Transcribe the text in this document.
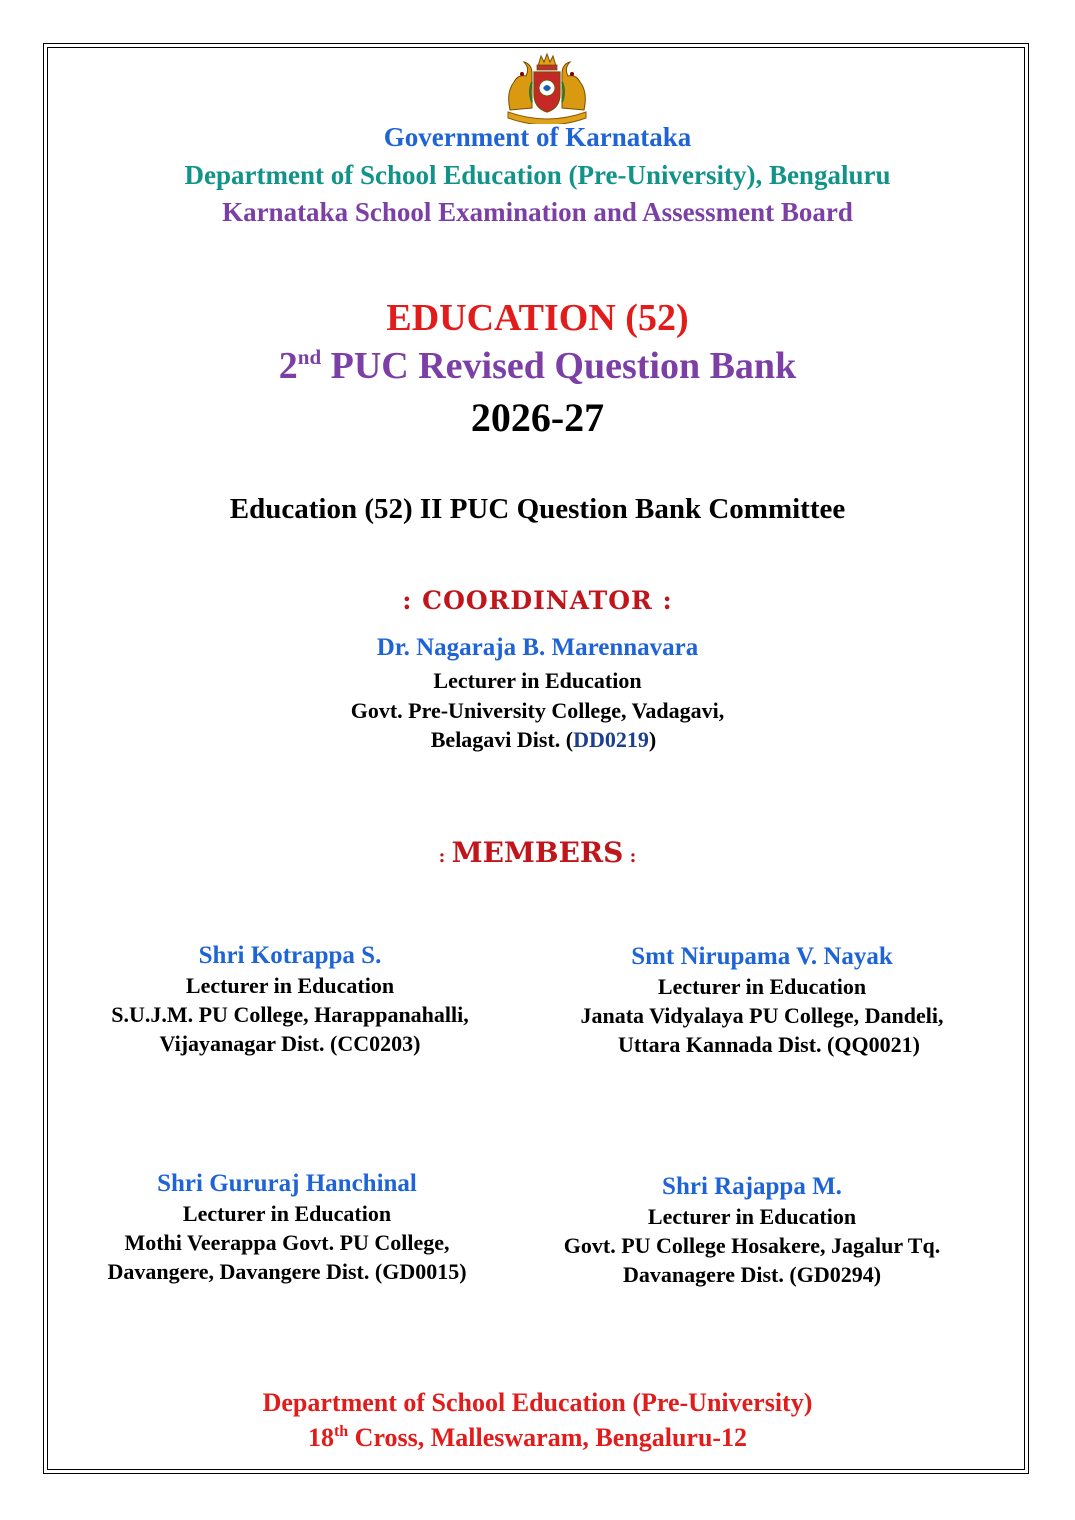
Government of Karnataka
Department of School Education (Pre-University), Bengaluru
Karnataka School Examination and Assessment Board
EDUCATION (52)
2nd PUC Revised Question Bank
2026-27
Education (52) II PUC Question Bank Committee
: COORDINATOR :
Dr. Nagaraja B. Marennavara
Lecturer in Education
Govt. Pre-University College, Vadagavi,
Belagavi Dist. (DD0219)
: MEMBERS :
Shri Kotrappa S.
Lecturer in Education
S.U.J.M. PU College, Harappanahalli,
Vijayanagar Dist. (CC0203)
Smt Nirupama V. Nayak
Lecturer in Education
Janata Vidyalaya PU College, Dandeli,
Uttara Kannada Dist. (QQ0021)
Shri Gururaj Hanchinal
Lecturer in Education
Mothi Veerappa Govt. PU College,
Davangere, Davangere Dist. (GD0015)
Shri Rajappa M.
Lecturer in Education
Govt. PU College Hosakere, Jagalur Tq.
Davanagere Dist. (GD0294)
Department of School Education (Pre-University)
18th Cross, Malleswaram, Bengaluru-12
